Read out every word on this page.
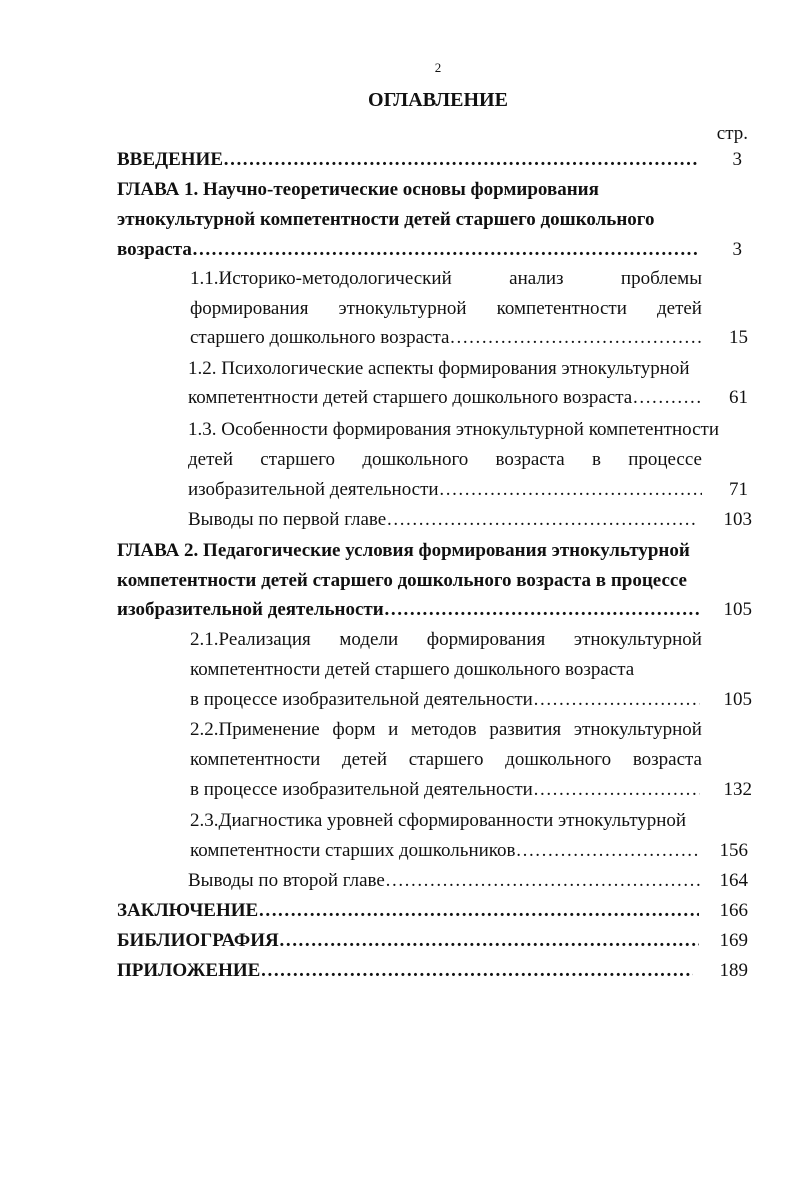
2
ОГЛАВЛЕНИЕ
стр.
ВВЕДЕНИЕ …………………………………………………………………………………………………………………………………………………………………………………………………………………………	3
ГЛАВА 1. Научно-теоретические основы формирования
этнокультурной компетентности детей старшего дошкольного
возраста …………………………………………………………………………………………………………………………………………………………………………………………………………………………	3
1.1.Историко-методологический	анализ	проблемы
формирования этнокультурной компетентности детей
старшего дошкольного возраста …………………………………………………………………………………………………………………………………………………………………………………………………………………………	15
1.2. Психологические аспекты формирования этнокультурной
компетентности детей старшего дошкольного возраста …………………………………………………………………………………………………………………………………………………………………………………………………………………………	61
1.3. Особенности формирования этнокультурной компетентности
детей старшего дошкольного возраста в процессе
изобразительной деятельности …………………………………………………………………………………………………………………………………………………………………………………………………………………………	71
Выводы по первой главе …………………………………………………………………………………………………………………………………………………………………………………………………………………………	103
ГЛАВА 2. Педагогические условия формирования этнокультурной
компетентности детей старшего дошкольного возраста в процессе
изобразительной деятельности …………………………………………………………………………………………………………………………………………………………………………………………………………………………	105
2.1.Реализация модели формирования этнокультурной
компетентности детей старшего дошкольного возраста
в процессе изобразительной деятельности …………………………………………………………………………………………………………………………………………………………………………………………………………………………	105
2.2.Применение форм и методов развития этнокультурной
компетентности детей старшего дошкольного возраста
в процессе изобразительной деятельности …………………………………………………………………………………………………………………………………………………………………………………………………………………………	132
2.3.Диагностика уровней сформированности этнокультурной
компетентности старших дошкольников …………………………………………………………………………………………………………………………………………………………………………………………………………………………	156
Выводы по второй главе …………………………………………………………………………………………………………………………………………………………………………………………………………………………	164
ЗАКЛЮЧЕНИЕ …………………………………………………………………………………………………………………………………………………………………………………………………………………………	166
БИБЛИОГРАФИЯ …………………………………………………………………………………………………………………………………………………………………………………………………………………………	169
ПРИЛОЖЕНИЕ …………………………………………………………………………………………………………………………………………………………………………………………………………………………	189
